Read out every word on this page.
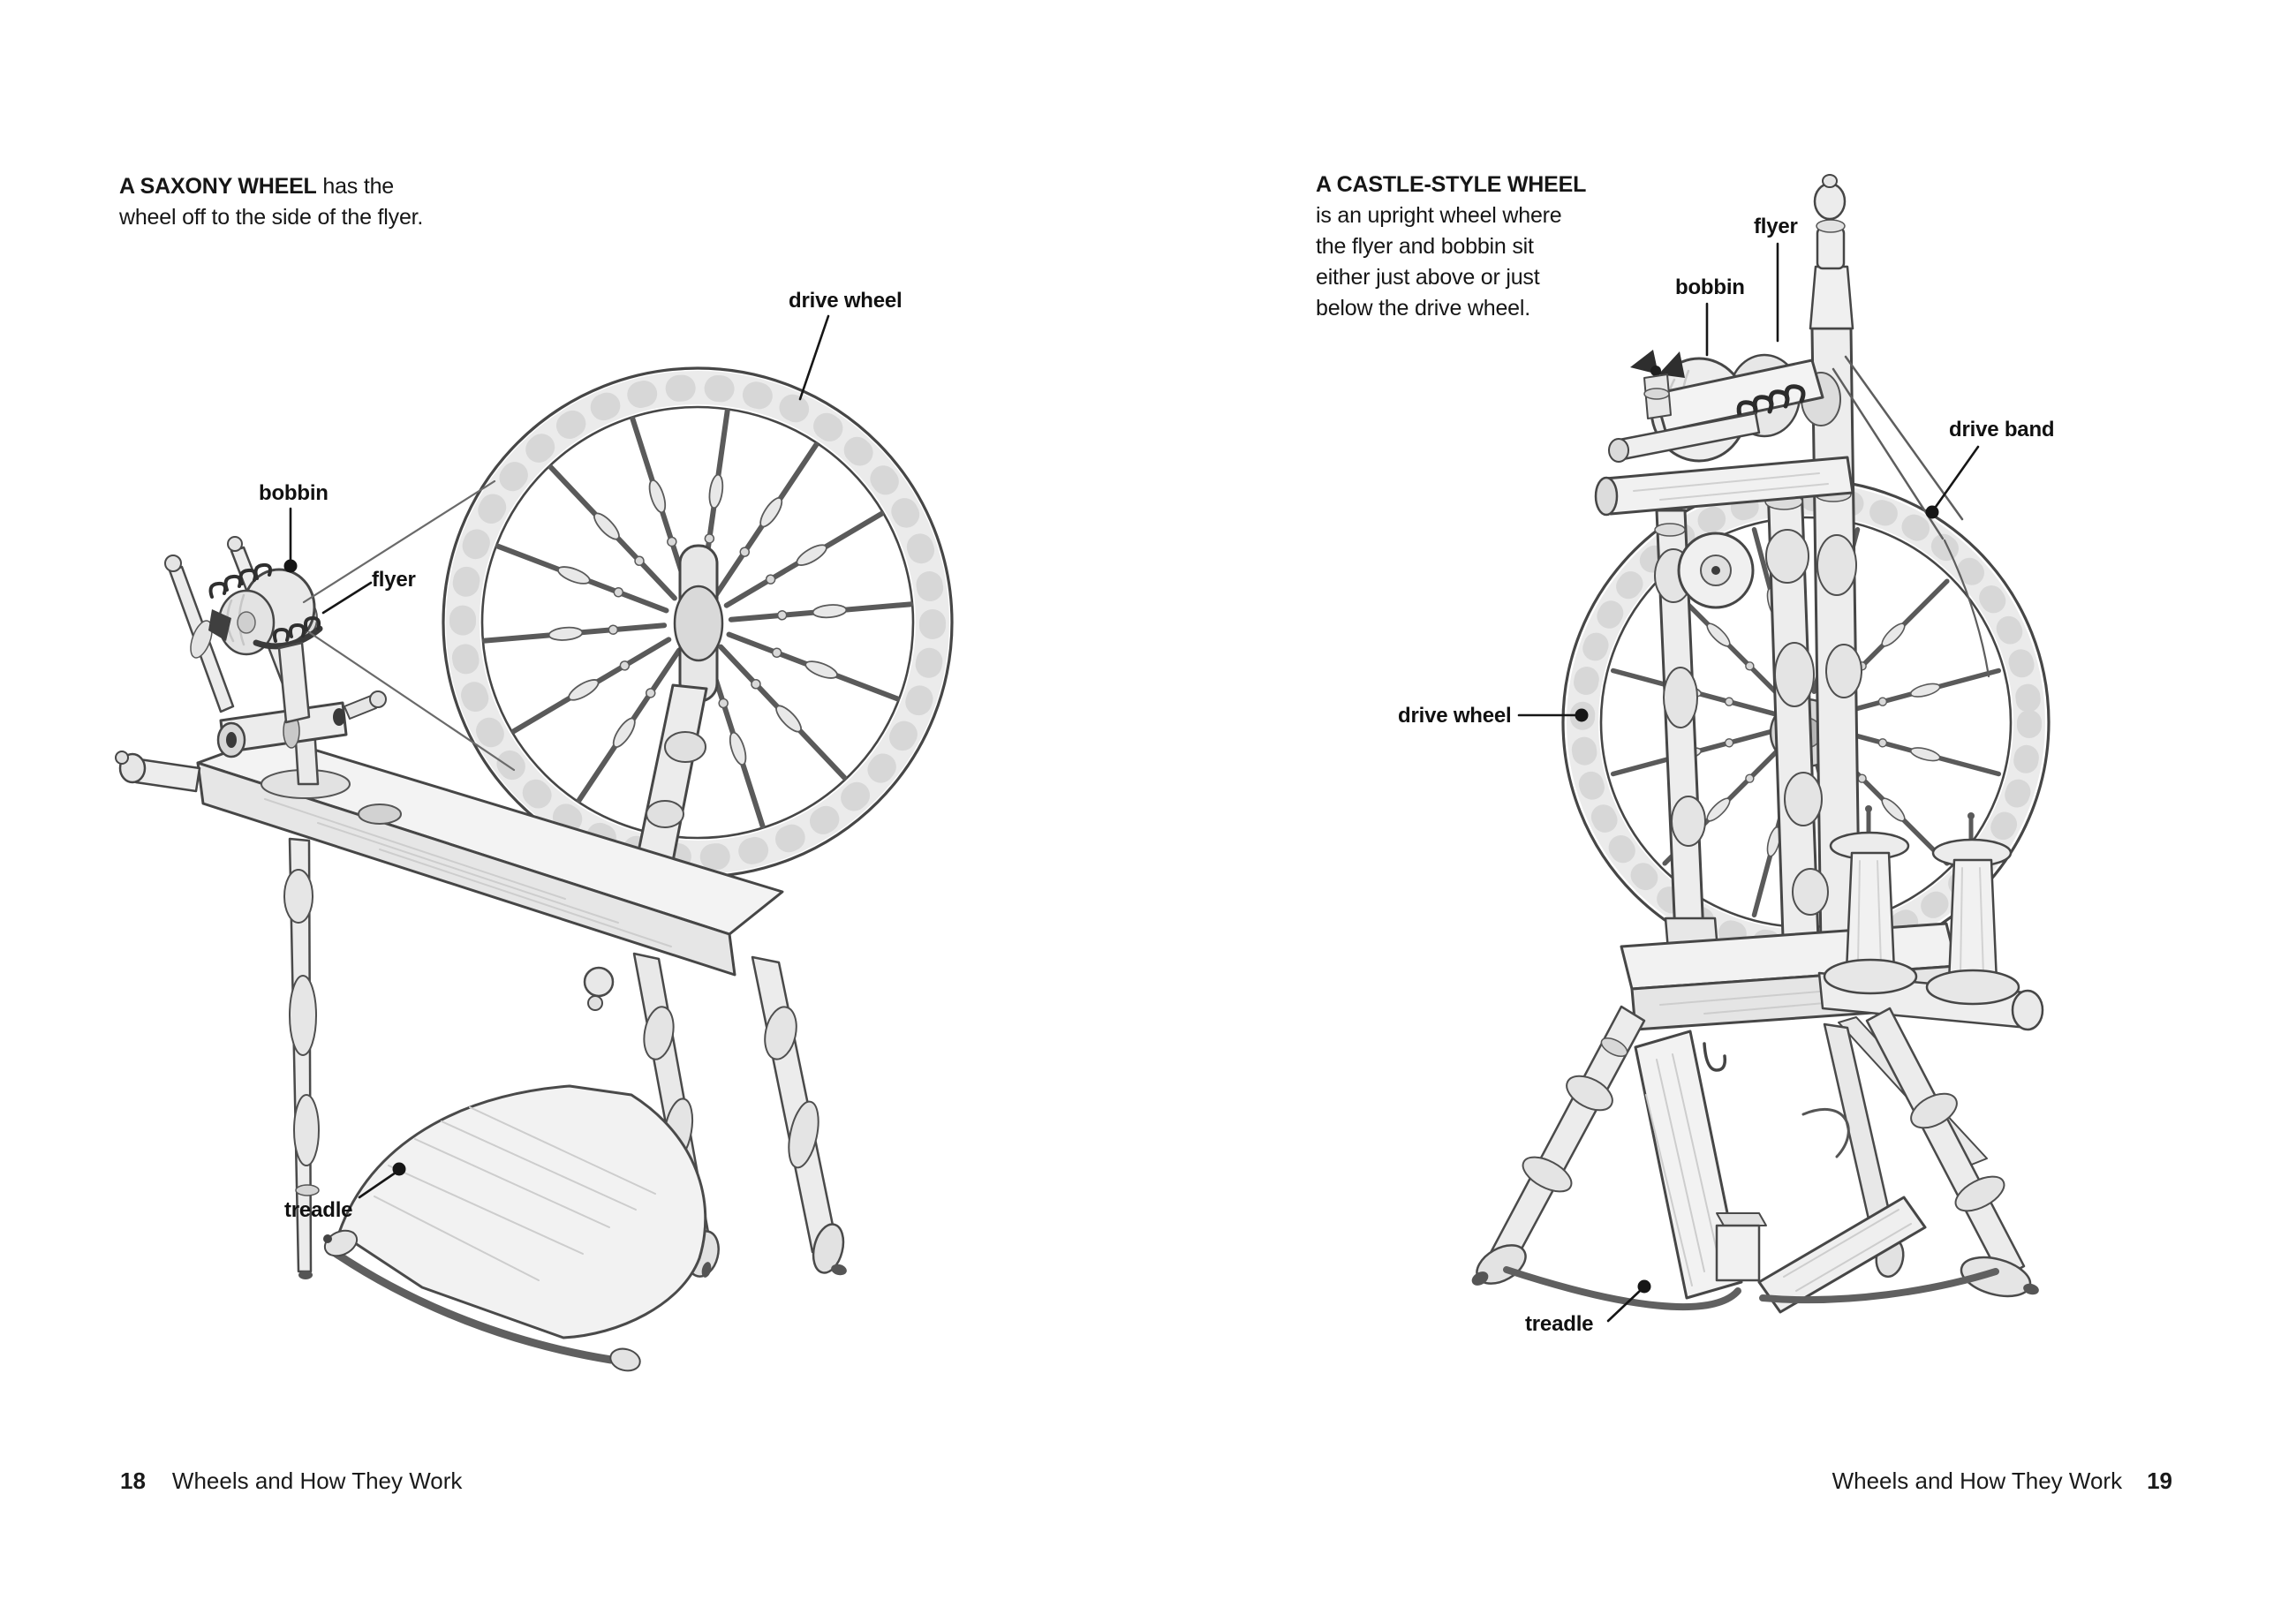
A SAXONY WHEEL has the
wheel off to the side of the flyer.
A CASTLE-STYLE WHEEL
is an upright wheel where
the flyer and bobbin sit
either just above or just
below the drive wheel.
drive wheel
bobbin
flyer
treadle
flyer
bobbin
drive band
drive wheel
treadle
18 Wheels and How They Work	Wheels and How They Work 19
